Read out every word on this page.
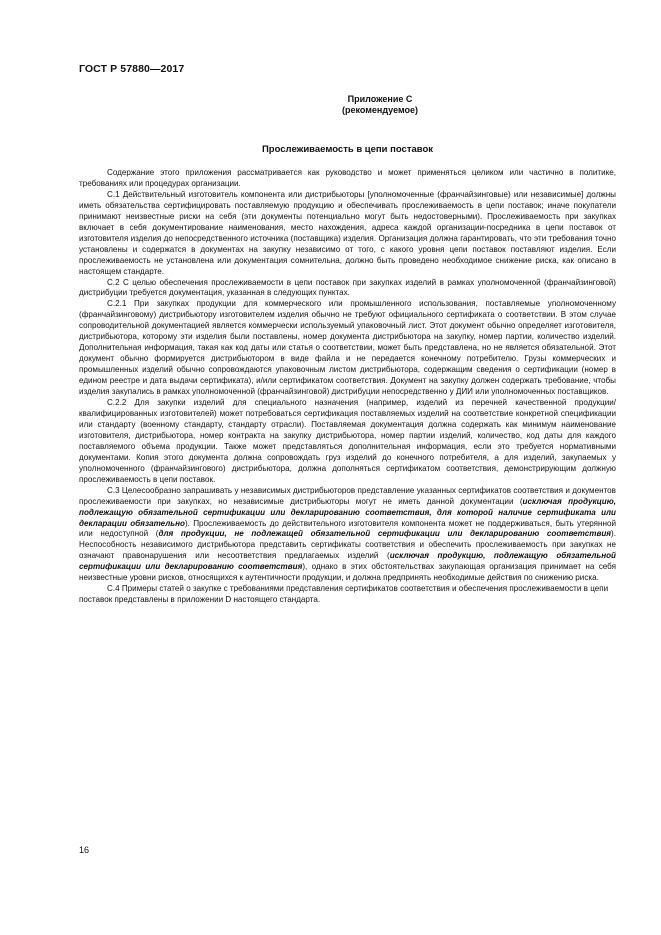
ГОСТ Р 57880—2017
Приложение С
(рекомендуемое)
Прослеживаемость в цепи поставок

Содержание этого приложения рассматривается как руководство и может применяться целиком или частично в политике, требованиях или процедурах организации.

С.1 Действительный изготовитель компонента или дистрибьюторы [уполномоченные (франчайзинговые) или независимые] должны иметь обязательства сертифицировать поставляемую продукцию и обеспечивать прослеживаемость в цепи поставок; иначе покупатели принимают неизвестные риски на себя (эти документы потенциально могут быть недостоверными). Прослеживаемость при закупках включает в себя документирование наименования, место нахождения, адреса каждой организации-посредника в цепи поставок от изготовителя изделия до непосредственного источника (поставщика) изделия. Организация должна гарантировать, что эти требования точно установлены и содержатся в документах на закупку независимо от того, с какого уровня цепи поставок поставляют изделия. Если прослеживаемость не установлена или документация сомнительна, должно быть проведено необходимое снижение риска, как описано в настоящем стандарте.

С.2 С целью обеспечения прослеживаемости в цепи поставок при закупках изделий в рамках уполномоченной (франчайзинговой) дистрибуции требуется документация, указанная в следующих пунктах.

С.2.1 При закупках продукции для коммерческого или промышленного использования, поставляемые уполномоченному (франчайзинговому) дистрибьютору изготовителем изделия обычно не требуют официального сертификата о соответствии. В этом случае сопроводительной документацией является коммерчески используемый упаковочный лист. Этот документ обычно определяет изготовителя, дистрибьютора, которому эти изделия были поставлены, номер документа дистрибьютора на закупку, номер партии, количество изделий. Дополнительная информация, такая как код даты или статья о соответствии, может быть представлена, но не является обязательной. Этот документ обычно формируется дистрибьютором в виде файла и не передается конечному потребителю. Грузы коммерческих и промышленных изделий обычно сопровождаются упаковочным листом дистрибьютора, содержащим сведения о сертификации (номер в едином реестре и дата выдачи сертификата), и/или сертификатом соответствия. Документ на закупку должен содержать требование, чтобы изделия закупались в рамках уполномоченной (франчайзинговой) дистрибуции непосредственно у ДИИ или уполномоченных поставщиков.

С.2.2 Для закупки изделий для специального назначения (например, изделий из перечней качественной продукции/квалифицированных изготовителей) может потребоваться сертификация поставляемых изделий на соответствие конкретной спецификации или стандарту (военному стандарту, стандарту отрасли). Поставляемая документация должна содержать как минимум наименование изготовителя, дистрибьютора, номер контракта на закупку дистрибьютора, номер партии изделий, количество, код даты для каждого поставляемого объема продукции. Также может представляться дополнительная информация, если это требуется нормативными документами. Копия этого документа должна сопровождать груз изделий до конечного потребителя, а для изделий, закупаемых у уполномоченного (франчайзингового) дистрибьютора, должна дополняться сертификатом соответствия, демонстрирующим должную прослеживаемость в цепи поставок.

С.3 Целесообразно запрашивать у независимых дистрибьюторов представление указанных сертификатов соответствия и документов прослеживаемости при закупках, но независимые дистрибьюторы могут не иметь данной документации (исключая продукцию, подлежащую обязательной сертификации или декларированию соответствия, для которой наличие сертификата или декларации обязательно). Прослеживаемость до действительного изготовителя компонента может не поддерживаться, быть утерянной или недоступной (для продукции, не подлежащей обязательной сертификации или декларированию соответствия). Неспособность независимого дистрибьютора представить сертификаты соответствия и обеспечить прослеживаемость при закупках не означают правонарушения или несоответствия предлагаемых изделий (исключая продукцию, подлежащую обязательной сертификации или декларированию соответствия), однако в этих обстоятельствах закупающая организация принимает на себя неизвестные уровни рисков, относящихся к аутентичности продукции, и должна предпринять необходимые действия по снижению риска.

С.4 Примеры статей о закупке с требованиями представления сертификатов соответствия и обеспечения прослеживаемости в цепи поставок представлены в приложении D настоящего стандарта.

16
